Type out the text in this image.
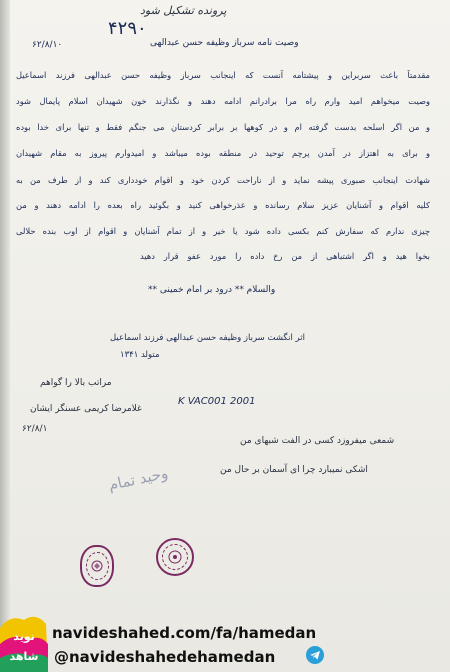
پرونده تشکیل شود
۴۲۹۰
۶۲/۸/۱۰	وصیت نامه سرباز وظیفه حسن عبدالهی
مقدمتاً باعث سربراین و پیشتامه آنست که اینجانب سرباز وظیفه حسن عبدالهی فرزند اسماعیل
وصیت میخواهم امید وارم راه مرا برادرانم ادامه دهند و نگذارند خون شهیدان اسلام پایمال شود
و من اگر اسلحه بدست گرفته ام و در کوهها بر برابر کردستان می جنگم فقط و تنها برای خدا بوده
و برای به اهتزاز در آمدن پرچم توحید در منطقه بوده میباشد و امیدوارم پیروز به مقام شهیدان
شهادت اینجانب صبوری پیشه نماید و از ناراحت کردن خود و اقوام خودداری کند و از طرف من به
کلیه اقوام و آشنایان عزیز سلام رسانده و عذرخواهی کنید و بگوئید راه بعده را ادامه دهند و من
چیزی ندارم که سفارش کنم بکسی داده شود یا خیر و از تمام آشنایان و اقوام از اوب بنده حلالی
بخوا هید و اگر اشتباهی از من رخ داده را مورد عفو قرار دهید
والسلام ** درود بر امام خمینی **
اثر انگشت سرباز وظیفه حسن عبدالهی فرزند اسماعیل
متولد ۱۳۴۱
مراتب بالا را گواهم
غلامرضا کریمی عسنگر ایشان
۶۲/۸/۱
K VAC001 2001
شمعی میفروزد کسی در الفت شبهای من
اشکی نمیبارد چرا ای آسمان بر حال من
وحید تمام
نوید
شاهد
navideshahed.com/fa/hamedan
@navideshahedehamedan
